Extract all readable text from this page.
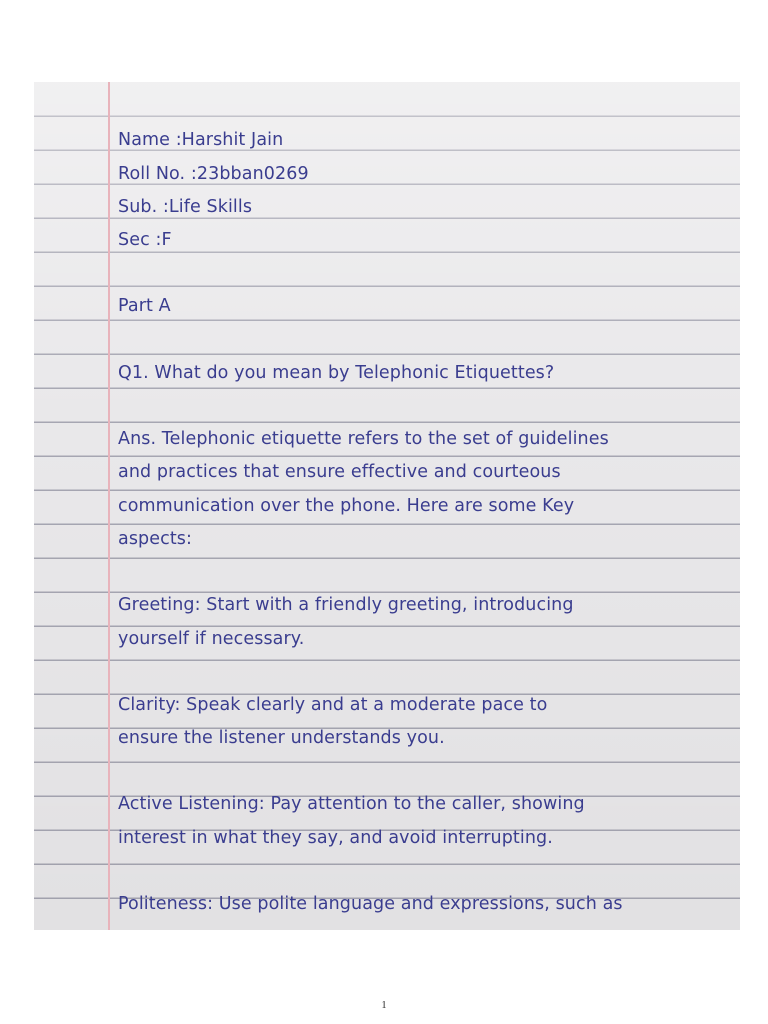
Name :Harshit Jain
Roll No. :23bban0269
Sub. :Life Skills
Sec :F
Part A
Q1. What do you mean by Telephonic Etiquettes?
Ans. Telephonic etiquette refers to the set of guidelines
and practices that ensure effective and courteous
communication over the phone. Here are some Key
aspects:
Greeting: Start with a friendly greeting, introducing
yourself if necessary.
Clarity: Speak clearly and at a moderate pace to
ensure the listener understands you.
Active Listening: Pay attention to the caller, showing
interest in what they say, and avoid interrupting.
Politeness: Use polite language and expressions, such as
1
